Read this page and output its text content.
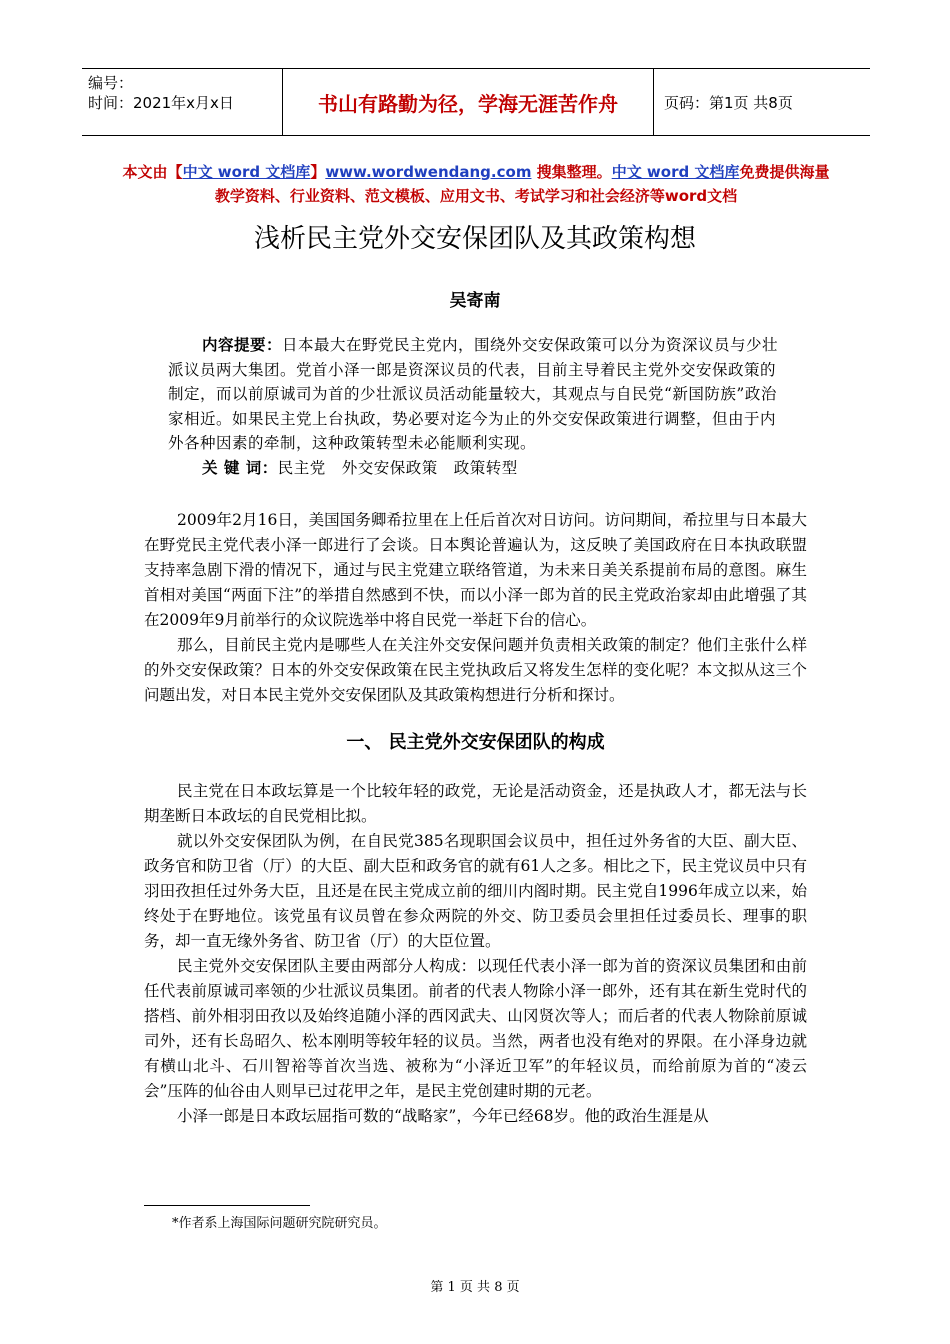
编号：
时间：2021年x月x日	书山有路勤为径，学海无涯苦作舟	页码：第1页 共8页
本文由【中文 word 文档库】www.wordwendang.com 搜集整理。中文 word 文档库免费提供海量教学资料、行业资料、范文模板、应用文书、考试学习和社会经济等word文档
浅析民主党外交安保团队及其政策构想
吴寄南
内容提要：日本最大在野党民主党内，围绕外交安保政策可以分为资深议员与少壮派议员两大集团。党首小泽一郎是资深议员的代表，目前主导着民主党外交安保政策的制定，而以前原诚司为首的少壮派议员活动能量较大，其观点与自民党“新国防族”政治家相近。如果民主党上台执政，势必要对迄今为止的外交安保政策进行调整，但由于内外各种因素的牵制，这种政策转型未必能顺利实现。
关 键 词：民主党　外交安保政策　政策转型

2009年2月16日，美国国务卿希拉里在上任后首次对日访问。访问期间，希拉里与日本最大在野党民主党代表小泽一郎进行了会谈。日本舆论普遍认为，这反映了美国政府在日本执政联盟支持率急剧下滑的情况下，通过与民主党建立联络管道，为未来日美关系提前布局的意图。麻生首相对美国“两面下注”的举措自然感到不快，而以小泽一郎为首的民主党政治家却由此增强了其在2009年9月前举行的众议院选举中将自民党一举赶下台的信心。

那么，目前民主党内是哪些人在关注外交安保问题并负责相关政策的制定？他们主张什么样的外交安保政策？日本的外交安保政策在民主党执政后又将发生怎样的变化呢？本文拟从这三个问题出发，对日本民主党外交安保团队及其政策构想进行分析和探讨。

一、 民主党外交安保团队的构成

民主党在日本政坛算是一个比较年轻的政党，无论是活动资金，还是执政人才，都无法与长期垄断日本政坛的自民党相比拟。

就以外交安保团队为例，在自民党385名现职国会议员中，担任过外务省的大臣、副大臣、政务官和防卫省（厅）的大臣、副大臣和政务官的就有61人之多。相比之下，民主党议员中只有羽田孜担任过外务大臣，且还是在民主党成立前的细川内阁时期。民主党自1996年成立以来，始终处于在野地位。该党虽有议员曾在参众两院的外交、防卫委员会里担任过委员长、理事的职务，却一直无缘外务省、防卫省（厅）的大臣位置。

民主党外交安保团队主要由两部分人构成：以现任代表小泽一郎为首的资深议员集团和由前任代表前原诚司率领的少壮派议员集团。前者的代表人物除小泽一郎外，还有其在新生党时代的搭档、前外相羽田孜以及始终追随小泽的西冈武夫、山冈贤次等人；而后者的代表人物除前原诚司外，还有长岛昭久、松本刚明等较年轻的议员。当然，两者也没有绝对的界限。在小泽身边就有横山北斗、石川智裕等首次当选、被称为“小泽近卫军”的年轻议员，而给前原为首的“凌云会”压阵的仙谷由人则早已过花甲之年，是民主党创建时期的元老。

小泽一郎是日本政坛屈指可数的“战略家”，今年已经68岁。他的政治生涯是从

*作者系上海国际问题研究院研究员。
第 1 页 共 8 页
